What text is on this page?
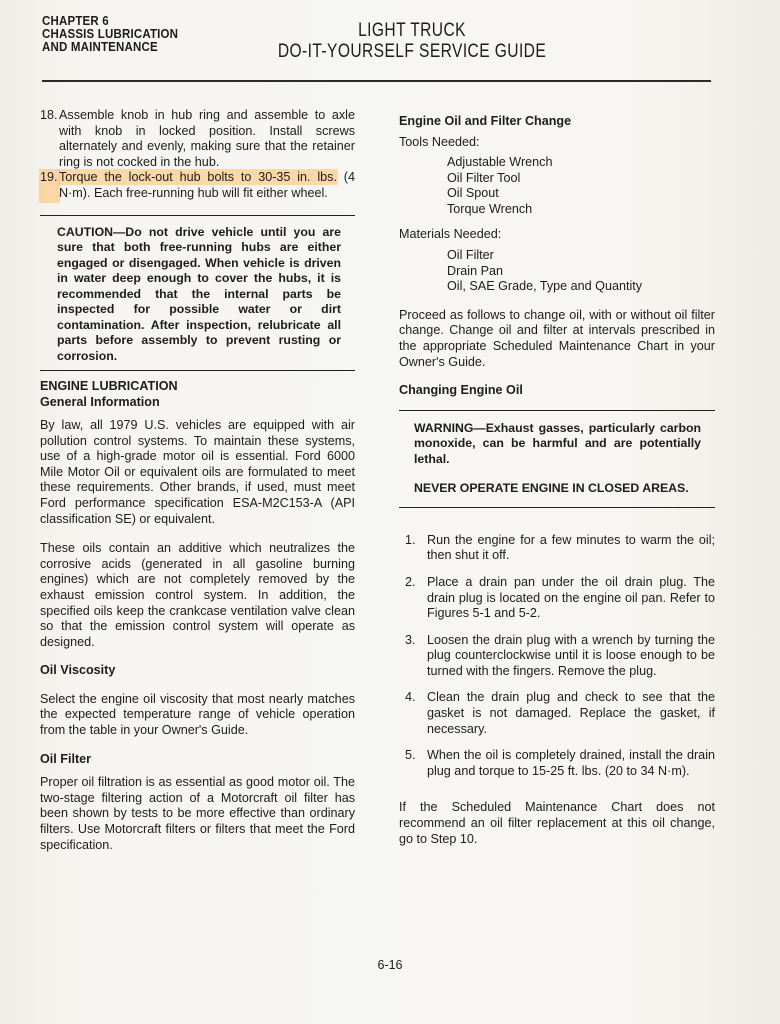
CHAPTER 6
CHASSIS LUBRICATION
AND MAINTENANCE
LIGHT TRUCK
DO-IT-YOURSELF SERVICE GUIDE
18. Assemble knob in hub ring and assemble to axle with knob in locked position. Install screws alternately and evenly, making sure that the retainer ring is not cocked in the hub.
19. Torque the lock-out hub bolts to 30-35 in. lbs. (4 N·m). Each free-running hub will fit either wheel.
CAUTION—Do not drive vehicle until you are sure that both free-running hubs are either engaged or disengaged. When vehicle is driven in water deep enough to cover the hubs, it is recommended that the internal parts be inspected for possible water or dirt contamination. After inspection, relubricate all parts before assembly to prevent rusting or corrosion.
ENGINE LUBRICATION
General Information
By law, all 1979 U.S. vehicles are equipped with air pollution control systems. To maintain these systems, use of a high-grade motor oil is essential. Ford 6000 Mile Motor Oil or equivalent oils are formulated to meet these requirements. Other brands, if used, must meet Ford performance specification ESA-M2C153-A (API classification SE) or equivalent.
These oils contain an additive which neutralizes the corrosive acids (generated in all gasoline burning engines) which are not completely removed by the exhaust emission control system. In addition, the specified oils keep the crankcase ventilation valve clean so that the emission control system will operate as designed.
Oil Viscosity
Select the engine oil viscosity that most nearly matches the expected temperature range of vehicle operation from the table in your Owner's Guide.
Oil Filter
Proper oil filtration is as essential as good motor oil. The two-stage filtering action of a Motorcraft oil filter has been shown by tests to be more effective than ordinary filters. Use Motorcraft filters or filters that meet the Ford specification.
Engine Oil and Filter Change
Tools Needed:
Adjustable Wrench
Oil Filter Tool
Oil Spout
Torque Wrench
Materials Needed:
Oil Filter
Drain Pan
Oil, SAE Grade, Type and Quantity
Proceed as follows to change oil, with or without oil filter change. Change oil and filter at intervals prescribed in the appropriate Scheduled Maintenance Chart in your Owner's Guide.
Changing Engine Oil
WARNING—Exhaust gasses, particularly carbon monoxide, can be harmful and are potentially lethal.
NEVER OPERATE ENGINE IN CLOSED AREAS.
1. Run the engine for a few minutes to warm the oil; then shut it off.
2. Place a drain pan under the oil drain plug. The drain plug is located on the engine oil pan. Refer to Figures 5-1 and 5-2.
3. Loosen the drain plug with a wrench by turning the plug counterclockwise until it is loose enough to be turned with the fingers. Remove the plug.
4. Clean the drain plug and check to see that the gasket is not damaged. Replace the gasket, if necessary.
5. When the oil is completely drained, install the drain plug and torque to 15-25 ft. lbs. (20 to 34 N·m).
If the Scheduled Maintenance Chart does not recommend an oil filter replacement at this oil change, go to Step 10.
6-16
